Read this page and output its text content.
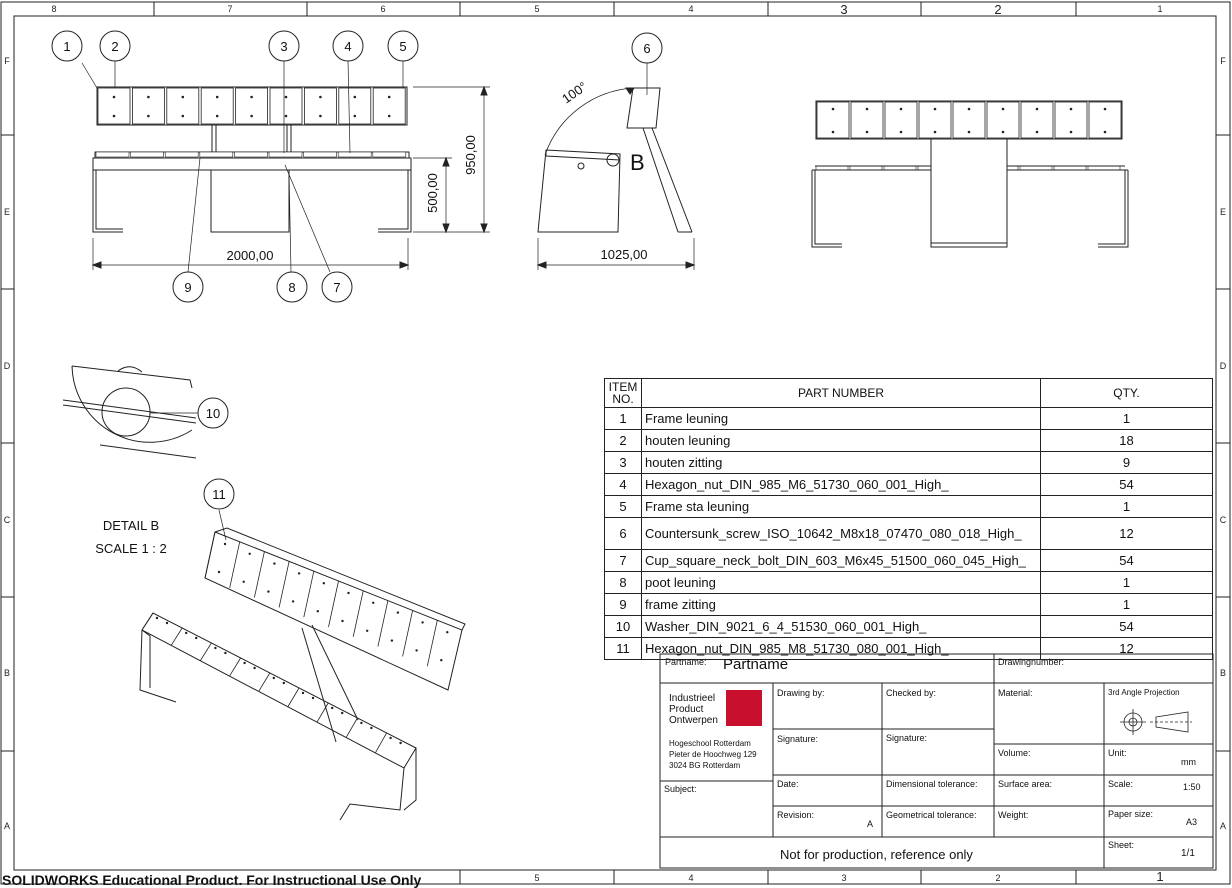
8	7	6	5	4	3	2	1
5	4	3	2	1
F
E
D
C
B
A
F
E
D
C
B
A
2000,00
950,00
500,00
100°
1025,00
B
DETAIL B
SCALE 1 : 2
1	2	3	4	5	6
7
8
9
10
11
ITEM NO.	PART NUMBER	QTY.
1	Frame leuning	1
2	houten leuning	18
3	houten zitting	9
4	Hexagon_nut_DIN_985_M6_51730_060_001_High_	54
5	Frame sta leuning	1
6	Countersunk_screw_ISO_10642_M8x18_07470_080_018_High_	12
7	Cup_square_neck_bolt_DIN_603_M6x45_51500_060_045_High_	54
8	poot leuning	1
9	frame zitting	1
10	Washer_DIN_9021_6_4_51530_060_001_High_	54
11	Hexagon_nut_DIN_985_M8_51730_080_001_High_	12
Partname: Partname	Drawingnumber:
Industrieel
Product
Ontwerpen
Hogeschool Rotterdam
Pieter de Hoochweg 129
3024 BG Rotterdam
Subject:
Drawing by:	Checked by:	Material:	3rd Angle Projection
Signature:	Signature:
Volume:	Unit:
mm
Date:	Dimensional tolerance: Surface area:	Scale:	1:50
Revision:
A
Geometrical tolerance: Weight:	Paper size:
A3
Not for production, reference only
Sheet:
1/1
SOLIDWORKS Educational Product. For Instructional Use Only
